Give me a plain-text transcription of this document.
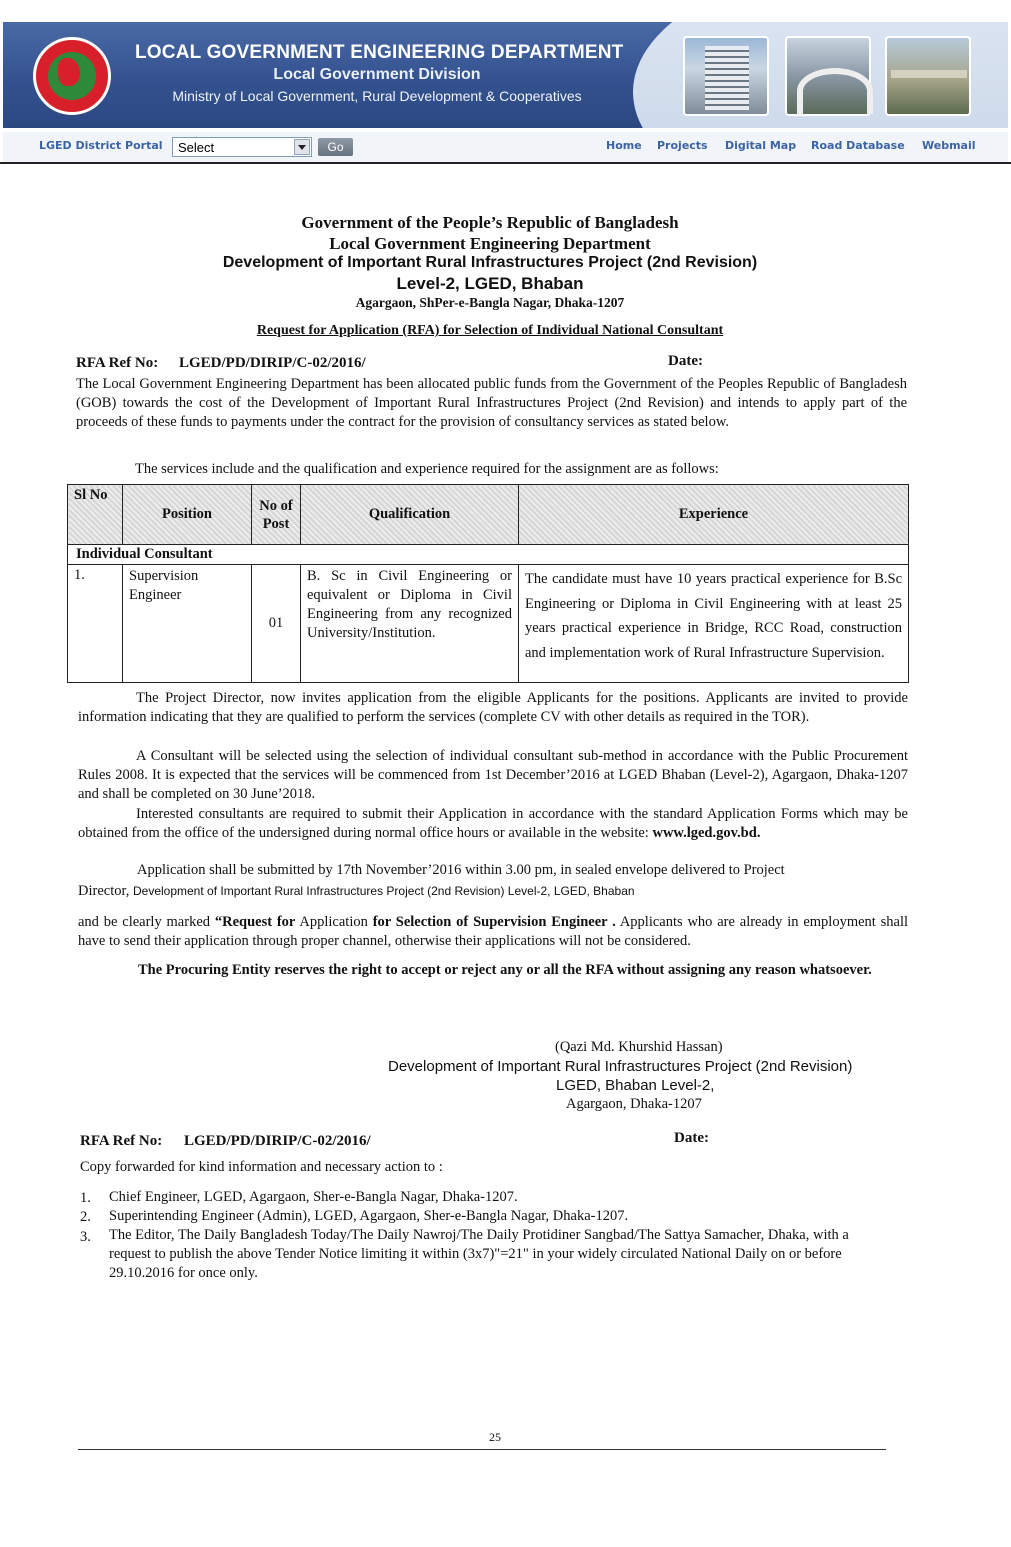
LOCAL GOVERNMENT ENGINEERING DEPARTMENT
Local Government Division
Ministry of Local Government, Rural Development & Cooperatives
LGED District Portal Select	Go	Home Projects Digital Map Road Database Webmail
Government of the People’s Republic of Bangladesh
Local Government Engineering Department
Development of Important Rural Infrastructures Project (2nd Revision)
Level-2, LGED, Bhaban
Agargaon, ShPer-e-Bangla Nagar, Dhaka-1207
Request for Application (RFA) for Selection of Individual National Consultant
RFA Ref No: LGED/PD/DIRIP/C-02/2016/	Date:
The Local Government Engineering Department has been allocated public funds from the Government of the Peoples Republic of Bangladesh (GOB) towards the cost of the Development of Important Rural Infrastructures Project (2nd Revision) and intends to apply part of the proceeds of these funds to payments under the contract for the provision of consultancy services as stated below.
The services include and the qualification and experience required for the assignment are as follows:
Sl No	Position	No of Post	Qualification	Experience
Individual Consultant				
1.	Supervision Engineer	01	B. Sc in Civil Engineering or equivalent or Diploma in Civil Engineering from any recognized University/Institution.	The candidate must have 10 years practical experience for B.Sc Engineering or Diploma in Civil Engineering with at least 25 years practical experience in Bridge, RCC Road, construction and implementation work of Rural Infrastructure Supervision.
The Project Director, now invites application from the eligible Applicants for the positions. Applicants are invited to provide information indicating that they are qualified to perform the services (complete CV with other details as required in the TOR).
A Consultant will be selected using the selection of individual consultant sub-method in accordance with the Public Procurement Rules 2008. It is expected that the services will be commenced from 1st December’2016 at LGED Bhaban (Level-2), Agargaon, Dhaka-1207 and shall be completed on 30 June’2018.
Interested consultants are required to submit their Application in accordance with the standard Application Forms which may be obtained from the office of the undersigned during normal office hours or available in the website: www.lged.gov.bd.
Application shall be submitted by 17th November’2016 within 3.00 pm, in sealed envelope delivered to Project
Director, Development of Important Rural Infrastructures Project (2nd Revision) Level-2, LGED, Bhaban
and be clearly marked “Request for Application for Selection of Supervision Engineer . Applicants who are already in employment shall have to send their application through proper channel, otherwise their applications will not be considered.
The Procuring Entity reserves the right to accept or reject any or all the RFA without assigning any reason whatsoever.
(Qazi Md. Khurshid Hassan)
Development of Important Rural Infrastructures Project (2nd Revision)
LGED, Bhaban Level-2,
Agargaon, Dhaka-1207
RFA Ref No: LGED/PD/DIRIP/C-02/2016/	Date:
Copy forwarded for kind information and necessary action to :
1. Chief Engineer, LGED, Agargaon, Sher-e-Bangla Nagar, Dhaka-1207.
2. Superintending Engineer (Admin), LGED, Agargaon, Sher-e-Bangla Nagar, Dhaka-1207.
3. The Editor, The Daily Bangladesh Today/The Daily Nawroj/The Daily Protidiner Sangbad/The Sattya Samacher, Dhaka, with a request to publish the above Tender Notice limiting it within (3x7)"=21" in your widely circulated National Daily on or before 29.10.2016 for once only.
25
